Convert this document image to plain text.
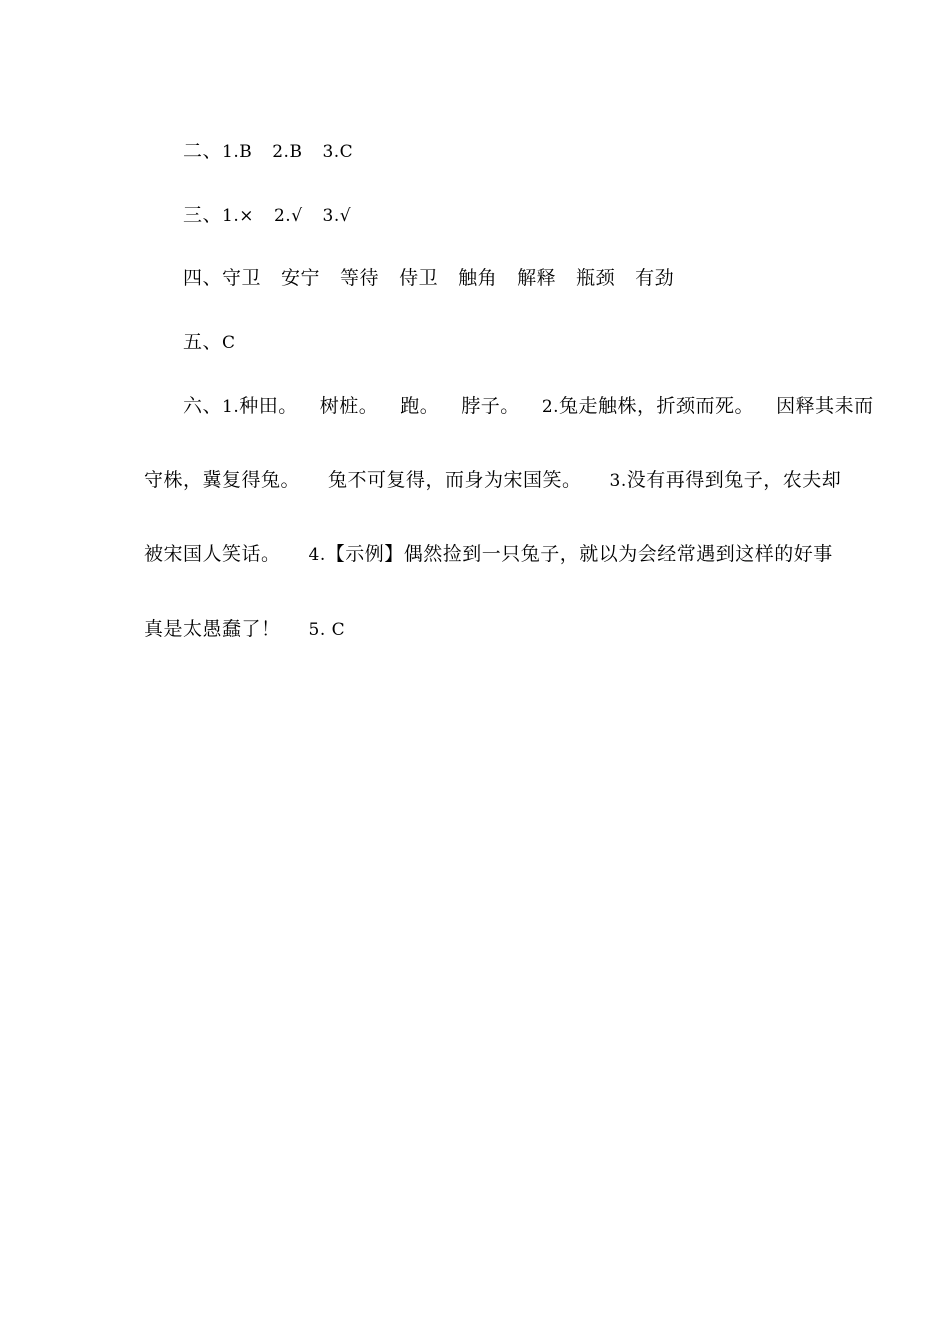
二、1.B 2.B 3.C
三、1.× 2.√ 3.√
四、守卫 安宁 等待 侍卫 触角 解释 瓶颈 有劲
五、C
六、1.种田。 树桩。 跑。 脖子。 2.兔走触株，折颈而死。 因释其耒而
守株，冀复得兔。 兔不可复得，而身为宋国笑。 3.没有再得到兔子，农夫却
被宋国人笑话。 4.【示例】偶然捡到一只兔子，就以为会经常遇到这样的好事
真是太愚蠢了！ 5. C
